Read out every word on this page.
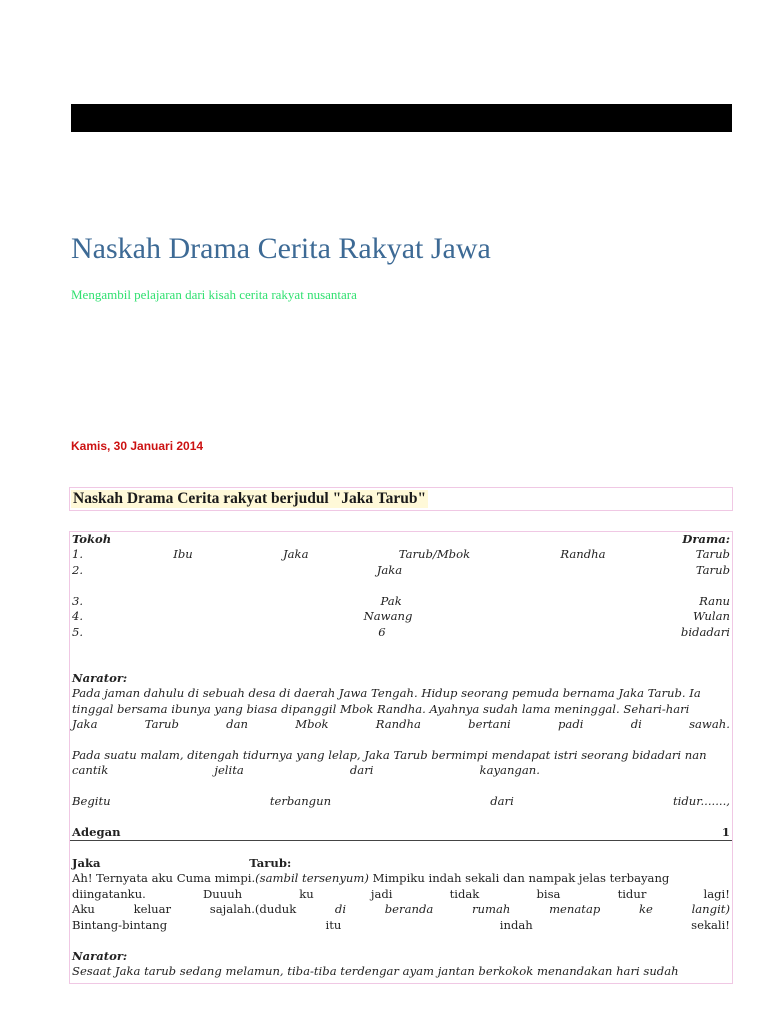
Naskah Drama Cerita Rakyat Jawa
Mengambil pelajaran dari kisah cerita rakyat nusantara
Kamis, 30 Januari 2014
Naskah Drama Cerita rakyat berjudul "Jaka Tarub"
Tokoh	Drama:
1.	Ibu	Jaka	Tarub/Mbok	Randha	Tarub
2.	Jaka	Tarub
3.	Pak	Ranu
4.	Nawang	Wulan
5.	6	bidadari
Narator:
Pada jaman dahulu di sebuah desa di daerah Jawa Tengah. Hidup seorang pemuda bernama Jaka Tarub. Ia
tinggal bersama ibunya yang biasa dipanggil Mbok Randha. Ayahnya sudah lama meninggal. Sehari-hari
Jaka	Tarub	dan	Mbok	Randha	bertani	padi	di	sawah.
Pada suatu malam, ditengah tidurnya yang lelap, Jaka Tarub bermimpi mendapat istri seorang bidadari nan
cantik	jelita	dari	kayangan.
Begitu	terbangun	dari	tidur.......,
Adegan	1
Jaka	Tarub:
Ah! Ternyata aku Cuma mimpi.(sambil tersenyum) Mimpiku indah sekali dan nampak jelas terbayang
diingatanku.	Duuuh	ku	jadi	tidak	bisa	tidur	lagi!
Aku	keluar	sajalah.(duduk	di	beranda	rumah	menatap	ke	langit)
Bintang-bintang	itu	indah	sekali!
Narator:
Sesaat Jaka tarub sedang melamun, tiba-tiba terdengar ayam jantan berkokok menandakan hari sudah
